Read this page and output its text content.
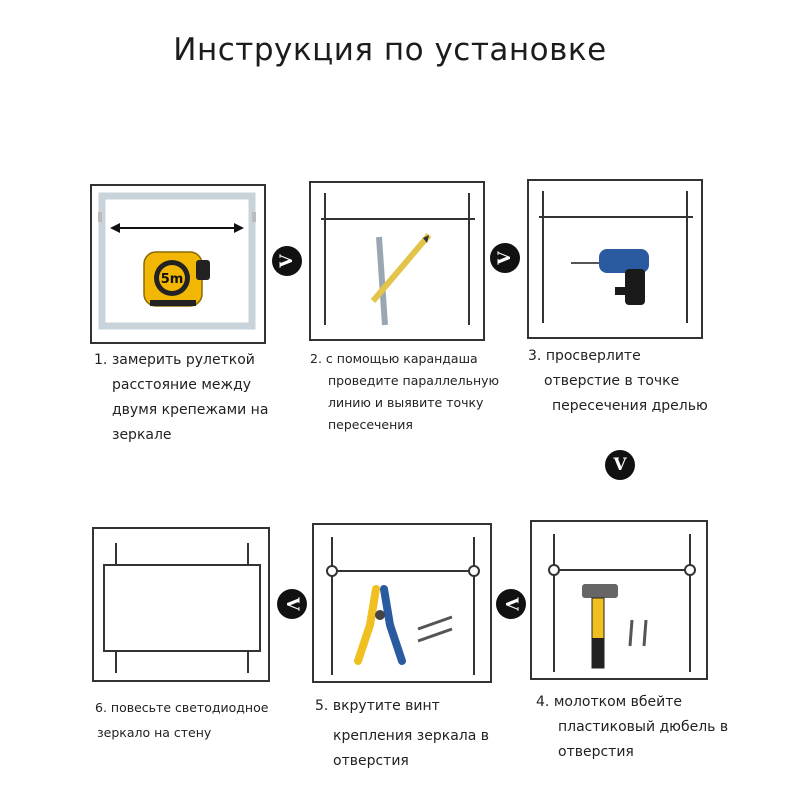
Инструкция по установке
5m
V	V
V
V
V
1. замерить рулеткой
расстояние между
двумя крепежами на
зеркале
2. с помощью карандаша
проведите параллельную
линию и выявите точку
пересечения
3. просверлите
отверстие в точке
пересечения дрелью
4. молотком вбейте
пластиковый дюбель в
отверстия
5. вкрутите винт
крепления зеркала в
отверстия
6. повесьте светодиодное
зеркало на стену
